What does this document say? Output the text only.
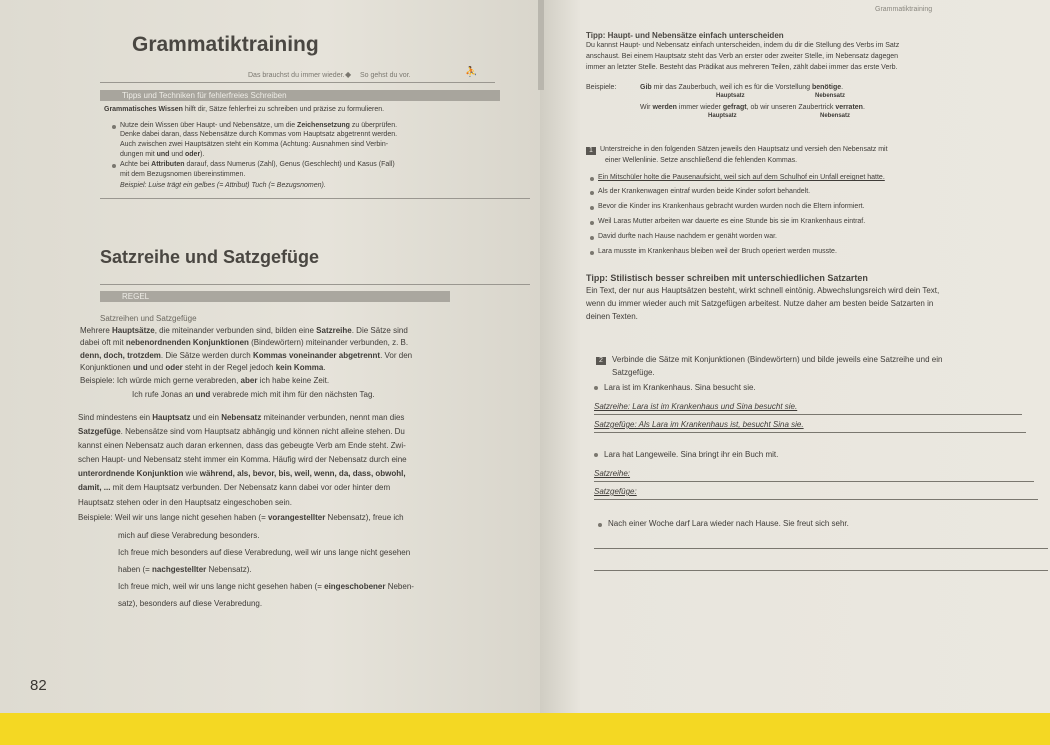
Grammatiktraining
Grammatiktraining
Das brauchst du immer wieder. ◆ So gehst du vor.	⛹
Tipps und Techniken für fehlerfreies Schreiben
Grammatisches Wissen hilft dir, Sätze fehlerfrei zu schreiben und präzise zu formulieren.
Nutze dein Wissen über Haupt- und Nebensätze, um die Zeichensetzung zu überprüfen.
Denke dabei daran, dass Nebensätze durch Kommas vom Hauptsatz abgetrennt werden.
Auch zwischen zwei Hauptsätzen steht ein Komma (Achtung: Ausnahmen sind Verbin-
dungen mit und und oder).
Achte bei Attributen darauf, dass Numerus (Zahl), Genus (Geschlecht) und Kasus (Fall)
mit dem Bezugsnomen übereinstimmen.
Beispiel: Luise trägt ein gelbes (= Attribut) Tuch (= Bezugsnomen).
Satzreihe und Satzgefüge
REGEL
Satzreihen und Satzgefüge
Mehrere Hauptsätze, die miteinander verbunden sind, bilden eine Satzreihe. Die Sätze sind
dabei oft mit nebenordnenden Konjunktionen (Bindewörtern) miteinander verbunden, z. B.
denn, doch, trotzdem. Die Sätze werden durch Kommas voneinander abgetrennt. Vor den
Konjunktionen und und oder steht in der Regel jedoch kein Komma.
Beispiele: Ich würde mich gerne verabreden, aber ich habe keine Zeit.
Ich rufe Jonas an und verabrede mich mit ihm für den nächsten Tag.
Sind mindestens ein Hauptsatz und ein Nebensatz miteinander verbunden, nennt man dies
Satzgefüge. Nebensätze sind vom Hauptsatz abhängig und können nicht alleine stehen. Du
kannst einen Nebensatz auch daran erkennen, dass das gebeugte Verb am Ende steht. Zwi-
schen Haupt- und Nebensatz steht immer ein Komma. Häufig wird der Nebensatz durch eine
unterordnende Konjunktion wie während, als, bevor, bis, weil, wenn, da, dass, obwohl,
damit, ... mit dem Hauptsatz verbunden. Der Nebensatz kann dabei vor oder hinter dem
Hauptsatz stehen oder in den Hauptsatz eingeschoben sein.
Beispiele: Weil wir uns lange nicht gesehen haben (= vorangestellter Nebensatz), freue ich
mich auf diese Verabredung besonders.
Ich freue mich besonders auf diese Verabredung, weil wir uns lange nicht gesehen
haben (= nachgestellter Nebensatz).
Ich freue mich, weil wir uns lange nicht gesehen haben (= eingeschobener Neben-
satz), besonders auf diese Verabredung.
82
Tipp: Haupt- und Nebensätze einfach unterscheiden
Du kannst Haupt- und Nebensatz einfach unterscheiden, indem du dir die Stellung des Verbs im Satz
anschaust. Bei einem Hauptsatz steht das Verb an erster oder zweiter Stelle, im Nebensatz dagegen
immer an letzter Stelle. Besteht das Prädikat aus mehreren Teilen, zählt dabei immer das erste Verb.
Beispiele:	Gib mir das Zauberbuch, weil ich es für die Vorstellung benötige.
Hauptsatz	Nebensatz
Wir werden immer wieder gefragt, ob wir unseren Zaubertrick verraten.
Hauptsatz	Nebensatz
1	Unterstreiche in den folgenden Sätzen jeweils den Hauptsatz und versieh den Nebensatz mit
einer Wellenlinie. Setze anschließend die fehlenden Kommas.
Ein Mitschüler holte die Pausenaufsicht, weil sich auf dem Schulhof ein Unfall ereignet hatte.
Als der Krankenwagen eintraf wurden beide Kinder sofort behandelt.
Bevor die Kinder ins Krankenhaus gebracht wurden wurden noch die Eltern informiert.
Weil Laras Mutter arbeiten war dauerte es eine Stunde bis sie im Krankenhaus eintraf.
David durfte nach Hause nachdem er genäht worden war.
Lara musste im Krankenhaus bleiben weil der Bruch operiert werden musste.
Tipp: Stilistisch besser schreiben mit unterschiedlichen Satzarten
Ein Text, der nur aus Hauptsätzen besteht, wirkt schnell eintönig. Abwechslungsreich wird dein Text,
wenn du immer wieder auch mit Satzgefügen arbeitest. Nutze daher am besten beide Satzarten in
deinen Texten.
2	Verbinde die Sätze mit Konjunktionen (Bindewörtern) und bilde jeweils eine Satzreihe und ein
Satzgefüge.
Lara ist im Krankenhaus. Sina besucht sie.
Satzreihe: Lara ist im Krankenhaus und Sina besucht sie.
Satzgefüge: Als Lara im Krankenhaus ist, besucht Sina sie.
Lara hat Langeweile. Sina bringt ihr ein Buch mit.
Satzreihe:
Satzgefüge:
Nach einer Woche darf Lara wieder nach Hause. Sie freut sich sehr.
